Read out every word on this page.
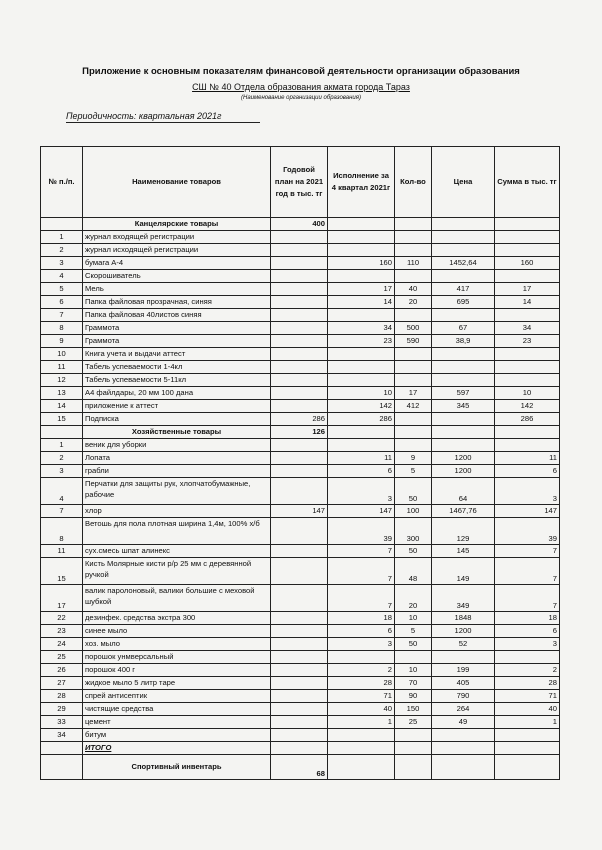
Приложение к основным показателям финансовой деятельности организации образования
СШ № 40 Отдела образования акмата города Тараз
(Наименование организации образования)
Периодичность: квартальная 2021г
№ п./п.	Наименование товаров	Годовой план на 2021 год в тыс. тг	Исполнение за 4 квартал 2021г	Кол-во	Цена	Сумма в тыс. тг
	Канцелярские товары	400				
1	журнал входящей регистрации					
2	журнал исходящей регистрации					
3	бумага А-4		160	110	1452,64	160
4	Скорошиватель					
5	Мель		17	40	417	17
6	Папка файловая прозрачная, синяя		14	20	695	14
7	Папка файловая 40листов синяя					
8	Граммота		34	500	67	34
9	Граммота		23	590	38,9	23
10	Книга учета и выдачи аттест					
11	Табель успеваемости 1-4кл					
12	Табель успеваемости 5-11кл					
13	А4 файлдары, 20 мм 100 дана		10	17	597	10
14	приложение к аттест		142	412	345	142
15	Подписка	286	286			286
	Хозяйственные товары	126				
1	веник для уборки					
2	Лопата		11	9	1200	11
3	грабли		6	5	1200	6
4	Перчатки для защиты рук, хлопчатобумажные, рабочие		3	50	64	3
7	хлор	147	147	100	1467,76	147
8	Ветошь для пола плотная ширина 1,4м, 100% х/б		39	300	129	39
11	сух.смесь шпат алинекс		7	50	145	7
15	Кисть Молярные кисти р/р 25 мм с деревянной ручкой		7	48	149	7
17	валик паролоновый, валики большие с меховой шубкой		7	20	349	7
22	дезинфек. средства экстра 300		18	10	1848	18
23	синее мыло		6	5	1200	6
24	хоз. мыло		3	50	52	3
25	порошок унмверсальный					
26	порошок 400 г		2	10	199	2
27	жидкое мыло 5 литр таре		28	70	405	28
28	спрей антисептик		71	90	790	71
29	чистящие средства		40	150	264	40
33	цемент		1	25	49	1
34	битум					
	ИТОГО					
	Спортивный инвентарь	68				
